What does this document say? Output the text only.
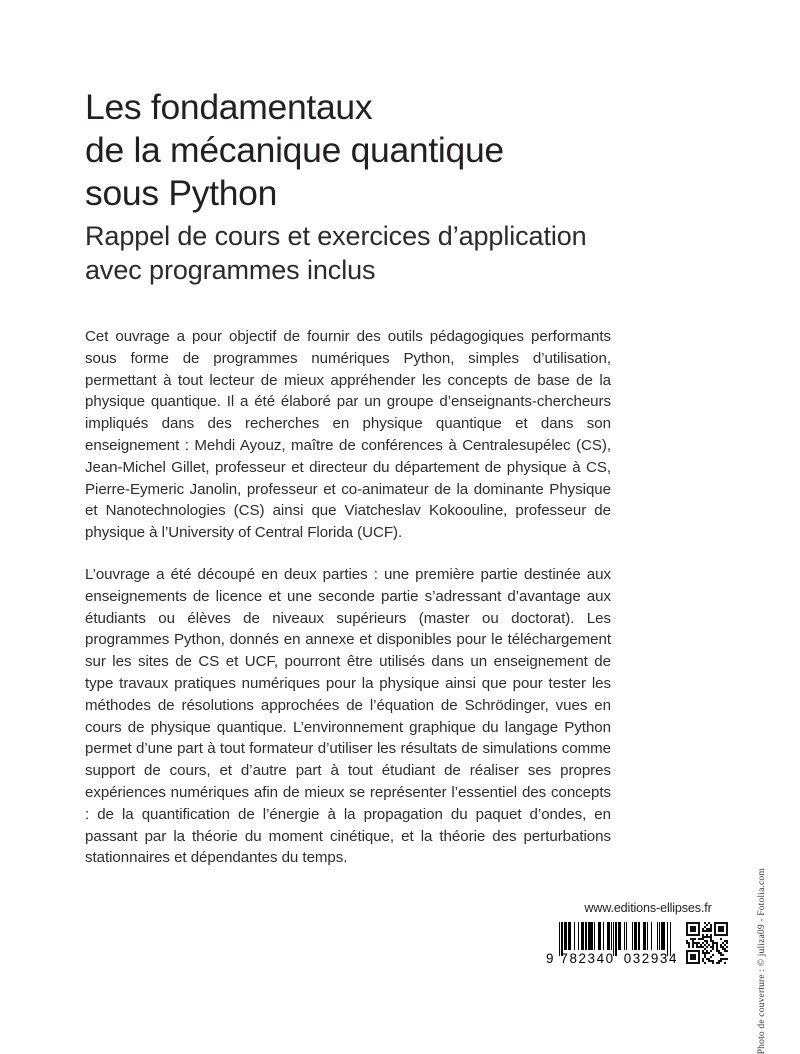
Les fondamentaux
de la mécanique quantique
sous Python
Rappel de cours et exercices d’application
avec programmes inclus

Cet ouvrage a pour objectif de fournir des outils pédagogiques performants sous forme de programmes numériques Python, simples d’utilisation, permettant à tout lecteur de mieux appréhender les concepts de base de la physique quantique. Il a été élaboré par un groupe d’enseignants-chercheurs impliqués dans des recherches en physique quantique et dans son enseignement : Mehdi Ayouz, maître de conférences à Centralesupélec (CS), Jean-Michel Gillet, professeur et directeur du département de physique à CS, Pierre-Eymeric Janolin, professeur et co-animateur de la dominante Physique et Nanotechnologies (CS) ainsi que Viatcheslav Kokoouline, professeur de physique à l’University of Central Florida (UCF).

L’ouvrage a été découpé en deux parties : une première partie destinée aux enseignements de licence et une seconde partie s’adressant d’avantage aux étudiants ou élèves de niveaux supérieurs (master ou doctorat). Les programmes Python, donnés en annexe et disponibles pour le téléchargement sur les sites de CS et UCF, pourront être utilisés dans un enseignement de type travaux pratiques numériques pour la physique ainsi que pour tester les méthodes de résolutions approchées de l’équation de Schrödinger, vues en cours de physique quantique. L’environnement graphique du langage Python permet d’une part à tout formateur d’utiliser les résultats de simulations comme support de cours, et d’autre part à tout étudiant de réaliser ses propres expériences numériques afin de mieux se représenter l’essentiel des concepts : de la quantification de l’énergie à la propagation du paquet d’ondes, en passant par la théorie du moment cinétique, et la théorie des perturbations stationnaires et dépendantes du temps.

Photo de couverture : © juliza09 - Fotolia.com
www.editions-ellipses.fr
9 782340 032934
